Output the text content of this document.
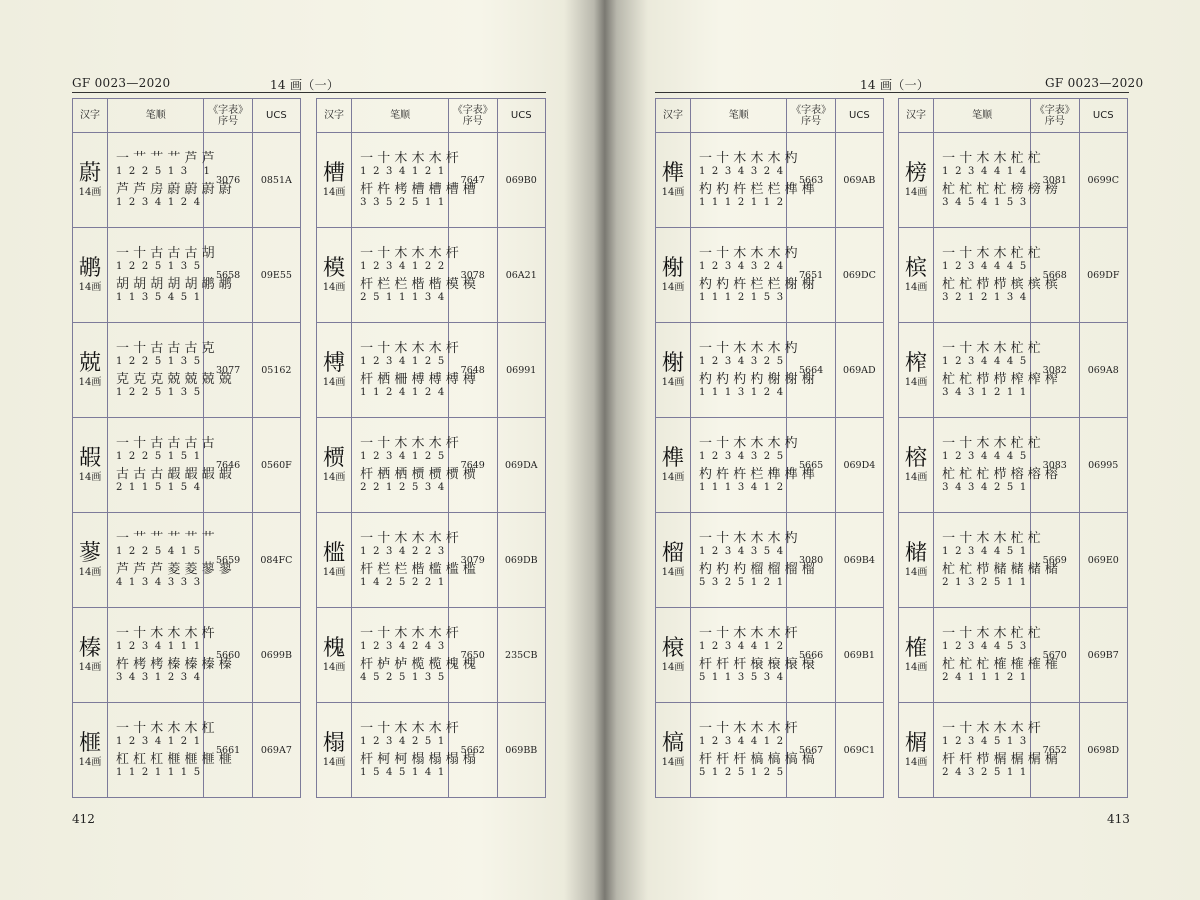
GF 0023—2020	14 画（一）
汉字	笔顺	《字表》序号	UCS

蔚
14画	一 艹 艹 艹 芦 芦
122513 1
芦 芦 房 蔚 蔚 蔚 蔚
1234124	3076	0851A

鹕
14画	一 十 古 古 古 胡
1225135
胡 胡 胡 胡 胡 鹕 鹕
1135451	5658	09E55

兢
14画	一 十 古 古 古 克
1225135
克 克 克 兢 兢 兢 兢
1225135	3077	05162

嘏
14画	一 十 古 古 古 古
1225151
古 古 古 嘏 嘏 嘏 嘏
2115154	7646	0560F

蓼
14画	一 艹 艹 艹 艹 艹
1225415
芦 芦 芦 菱 菱 蓼 蓼
4134333	5659	084FC

榛
14画	一 十 木 木 木 杵
1234111
杵 栲 栲 榛 榛 榛 榛
3431234	5660	0699B

榧
14画	一 十 木 木 木 杠
1234121
杠 杠 杠 榧 榧 榧 榧
1121115	5661	069A7
汉字	笔顺	《字表》序号	UCS

槽
14画	一 十 木 木 木 杆
1234121
杆 杵 栲 槽 槽 槽 槽
3352511	7647	069B0

模
14画	一 十 木 木 木 杆
1234122
杆 栏 栏 楷 楷 模 模
2511134	3078	06A21

榑
14画	一 十 木 木 木 杆
1234125
杆 栖 柵 榑 榑 榑 榑
1124124	7648	06991

槚
14画	一 十 木 木 木 杆
1234125
杆 栖 栖 槚 槚 槚 槚
2212534	7649	069DA

槛
14画	一 十 木 木 木 杆
1234223
杆 栏 栏 楷 槛 槛 槛
1425221	3079	069DB

槐
14画	一 十 木 木 木 杆
1234243
杆 栌 栌 榄 榄 槐 槐
4525135	7650	235CB

榻
14画	一 十 木 木 木 杆
1234251
杆 柯 柯 榻 榻 榻 榻
1545141	5662	069BB
412
14 画（一）	GF 0023—2020
汉字	笔顺	《字表》序号	UCS

榫
14画	一 十 木 木 木 杓
1234324
杓 杓 杵 栏 栏 榫 榫
1112112	5663	069AB

榭
14画	一 十 木 木 木 杓
1234324
杓 杓 杵 栏 栏 榭 榭
1112153	7651	069DC

榭
14画	一 十 木 木 木 杓
1234325
杓 杓 杓 杓 榭 榭 榭
1113124	5664	069AD

榫
14画	一 十 木 木 木 杓
1234325
杓 杵 杵 栏 榫 榫 榫
1113412	5665	069D4

榴
14画	一 十 木 木 木 杓
1234354
杓 杓 杓 榴 榴 榴 榴
5325121	3080	069B4

榱
14画	一 十 木 木 木 杆
1234412
杆 杆 杆 榱 榱 榱 榱
5113534	5666	069B1

槁
14画	一 十 木 木 木 杆
1234412
杆 杆 杆 槁 槁 槁 槁
5125125	5667	069C1
汉字	笔顺	《字表》序号	UCS

榜
14画	一 十 木 木 杧 杧
1234414
杧 杧 杧 杧 榜 榜 榜
3454153	3081	0699C

槟
14画	一 十 木 木 杧 杧
1234445
杧 杧 栉 栉 槟 槟 槟
3212134	5668	069DF

榨
14画	一 十 木 木 杧 杧
1234445
杧 杧 栉 栉 榨 榨 榨
3431211	3082	069A8

榕
14画	一 十 木 木 杧 杧
1234445
杧 杧 杧 栉 榕 榕 榕
3434251	3083	06995

槠
14画	一 十 木 木 杧 杧
1234451
杧 杧 栉 槠 槠 槠 槠
2132511	5669	069E0

榷
14画	一 十 木 木 杧 杧
1234453
杧 杧 杧 榷 榷 榷 榷
2411121	5670	069B7

榍
14画	一 十 木 木 木 杆
1234513
杆 杆 栉 榍 榍 榍 榍
2432511	7652	0698D
413
